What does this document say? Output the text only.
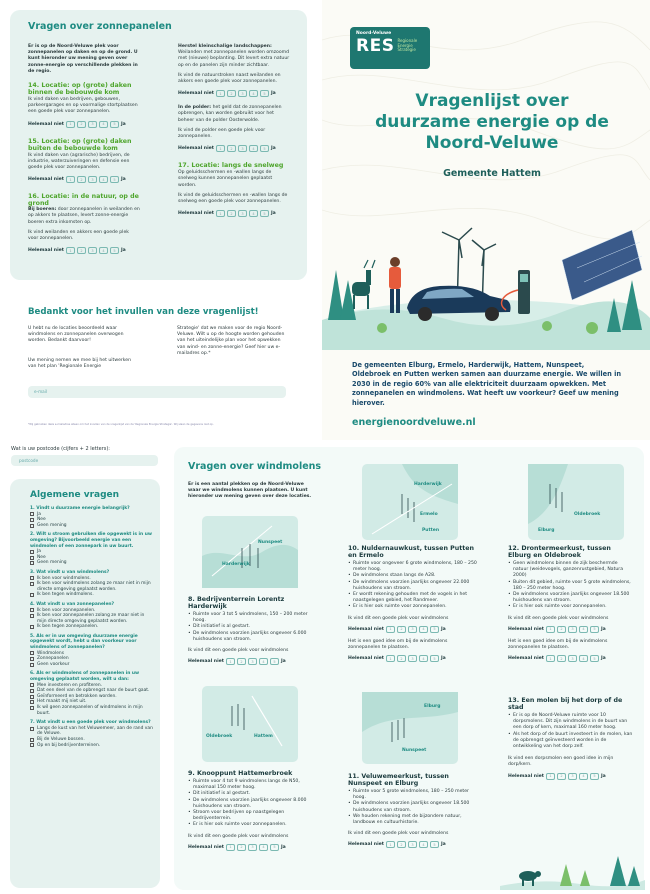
Vragen over zonnepanelen
Er is op de Noord-Veluwe plek voor zonnepanelen op daken en op de grond. U kunt hieronder uw mening geven over zonne-energie op verschillende plekken in de regio.
14. Locatie: op (grote) daken binnen de bebouwde kom
Ik vind daken van bedrijven, gebouwen, parkeergarages en op voormalige stortplaatsen een goede plek voor zonnepanelen.
Helemaal niet	1	2	3	4	5	Ja
15. Locatie: op (grote) daken buiten de bebouwde kom
Ik vind daken van (agrarische) bedrijven, de industrie, waterzuiveringen en defensie een goede plek voor zonnepanelen.
Helemaal niet	1	2	3	4	5	Ja
16. Locatie: in de natuur, op de grond
Bij boeren: door zonnepanelen in weilanden en op akkers te plaatsen, levert zonne-energie boeren extra inkomsten op.
Ik vind weilanden en akkers een goede plek voor zonnepanelen.
Helemaal niet	1	2	3	4	5	Ja
Herstel kleinschalige landschappen: Weilanden met zonnepanelen worden omzoomd met (nieuwe) beplanting. Dit levert extra natuur op en de panelen zijn minder zichtbaar.
Ik vind de natuurstroken naast weilanden en akkers een goede plek voor zonnepanelen.
Helemaal niet	1	2	3	4	5	Ja
In de polder: het geld dat de zonnepanelen opbrengen, kan worden gebruikt voor het beheer van de polder Oosterwolde.
Ik vind de polder een goede plek voor zonnepanelen.
Helemaal niet	1	2	3	4	5	Ja
17. Locatie: langs de snelweg
Op geluidsschermen en -wallen langs de snelweg kunnen zonnepanelen geplaatst worden.
Ik vind de geluidsschermen en -wallen langs de snelweg een goede plek voor zonnepanelen.
Helemaal niet	1	2	3	4	5	Ja
Bedankt voor het invullen van deze vragenlijst!
U hebt nu de locaties beoordeeld waar windmolens en zonnepanelen overwogen worden. Bedankt daarvoor!
Uw mening nemen we mee bij het uitwerken van het plan 'Regionale Energie
Strategie' dat we maken voor de regio Noord-Veluwe. Wilt u op de hoogte worden gehouden van het uiteindelijke plan voor het opwekken van wind- en zonne-energie? Geef hier uw e-mailadres op.*
e-mail
*Wij gebruiken deze e-mailadres alleen om het invullen van de vragenlijst van de 'Regionale Energie Strategie'. Wij slaan de gegevens niet op.
Noord-Veluwe
RES Regionale
Energie
Strategie
Vragenlijst over duurzame energie op de Noord-Veluwe
Gemeente Hattem
De gemeenten Elburg, Ermelo, Harderwijk, Hattem, Nunspeet, Oldebroek en Putten werken samen aan duurzame energie. We willen in 2030 in de regio 60% van alle elektriciteit duurzaam opwekken. Met zonnepanelen en windmolens. Wat heeft uw voorkeur? Geef uw mening hierover.
energienoordveluwe.nl
Wat is uw postcode (cijfers + 2 letters):
postcode
Algemene vragen
1. Vindt u duurzame energie belangrijk?
Ja
Nee
Geen mening
2. Wilt u stroom gebruiken die opgewekt is in uw omgeving? Bijvoorbeeld energie van een windmolen of een zonnepark in uw buurt.
Ja
Nee
Geen mening
3. Wat vindt u van windmolens?
Ik ben voor windmolens.
Ik ben voor windmolens zolang ze maar niet in mijn directe omgeving geplaatst worden.
Ik ben tegen windmolens.
4. Wat vindt u van zonnepanelen?
Ik ben voor zonnepanelen.
Ik ben voor zonnepanelen zolang ze maar niet in mijn directe omgeving geplaatst worden.
Ik ben tegen zonnepanelen.
5. Als er in uw omgeving duurzame energie opgewekt wordt, hebt u dan voorkeur voor windmolens of zonnepanelen?
Windmolens
Zonnepanelen
Geen voorkeur
6. Als er windmolens of zonnepanelen in uw omgeving geplaatst worden, wilt u dan:
Mee investeren en profiteren.
Dat een deel van de opbrengst naar de buurt gaat.
Geïnformeerd en betrokken worden.
Het maakt mij niet uit.
Ik wil geen zonnepanelen of windmolens in mijn buurt.
7. Wat vindt u een goede plek voor windmolens?
Langs de kust van het Veluwemeer, aan de rand van de Veluwe.
Bij de Veluwe bossen.
Op en bij bedrijventerreinen.
Vragen over windmolens
Er is een aantal plekken op de Noord-Veluwe waar we windmolens kunnen plaatsen. U kunt hieronder uw mening geven over deze locaties.
Nunspeet
Harderwijk
Harderwijk
Ermelo
Putten
Oldebroek
Elburg
Oldebroek	Hattem
Elburg
Nunspeet
8. Bedrijventerrein Lorentz Harderwijk
• Ruimte voor 3 tot 5 windmolens, 150 – 200 meter hoog.
• Dit initiatief is al gestart.
• De windmolens voorzien jaarlijks ongeveer 6.000 huishoudens van stroom.
Ik vind dit een goede plek voor windmolens
Helemaal niet	1	2	3	4	5	Ja
10. Nuldernauwkust, tussen Putten en Ermelo
• Ruimte voor ongeveer 6 grote windmolens, 180 – 250 meter hoog.
• De windmolens staan langs de A28.
• De windmolens voorzien jaarlijks ongeveer 22.000 huishoudens van stroom.
• Er wordt rekening gehouden met de vogels in het naastgelegen gebied, het Randmeer.
• Er is hier ook ruimte voor zonnepanelen.
Ik vind dit een goede plek voor windmolens
Helemaal niet	1	2	3	4	5	Ja
Het is een goed idee om bij de windmolens zonnepanelen te plaatsen.
Helemaal niet	1	2	3	4	5	Ja
12. Drontermeerkust, tussen Elburg en Oldebroek
• Geen windmolens binnen de zijk beschermde natuur (weidevogels, ganzenrustgebied, Natura 2000)
• Buiten dit gebied, ruimte voor 5 grote windmolens, 180 – 250 meter hoog.
• De windmolens voorzien jaarlijks ongeveer 18.500 huishoudens van stroom.
• Er is hier ook ruimte voor zonnepanelen.
Ik vind dit een goede plek voor windmolens
Helemaal niet	1	2	3	4	5	Ja
Het is een goed idee om bij de windmolens zonnepanelen te plaatsen.
Helemaal niet	1	2	3	4	5	Ja
13. Een molen bij het dorp of de stad
• Er is op de Noord-Veluwe ruimte voor 10 dorpsmolens. Dit zijn windmolens in de buurt van een dorp of kern, maximaal 160 meter hoog.
• Als het dorp of de buurt investeert in de molen, kan de opbrengst geïnvesteerd worden in de ontwikkeling van het dorp zelf.
Ik vind een dorpsmolen een goed idee in mijn dorp/kern.
Helemaal niet	1	2	3	4	5	Ja
9. Knooppunt Hattemerbroek
• Ruimte voor 4 tot 9 windmolens langs de N50, maximaal 150 meter hoog.
• Dit initiatief is al gestart.
• De windmolens voorzien jaarlijks ongeveer 8.000 huishoudens van stroom.
• Stroom voor bedrijven op naastgelegen bedrijventerrein.
• Er is hier ook ruimte voor zonnepanelen.
Ik vind dit een goede plek voor windmolens
Helemaal niet	1	2	3	4	5	Ja
11. Veluwemeerkust, tussen Nunspeet en Elburg
• Ruimte voor 5 grote windmolens, 180 – 250 meter hoog.
• De windmolens voorzien jaarlijks ongeveer 18.500 huishoudens van stroom.
• We houden rekening met de bijzondere natuur, landbouw en cultuurhistorie.
Ik vind dit een goede plek voor windmolens
Helemaal niet	1	2	3	4	5	Ja
